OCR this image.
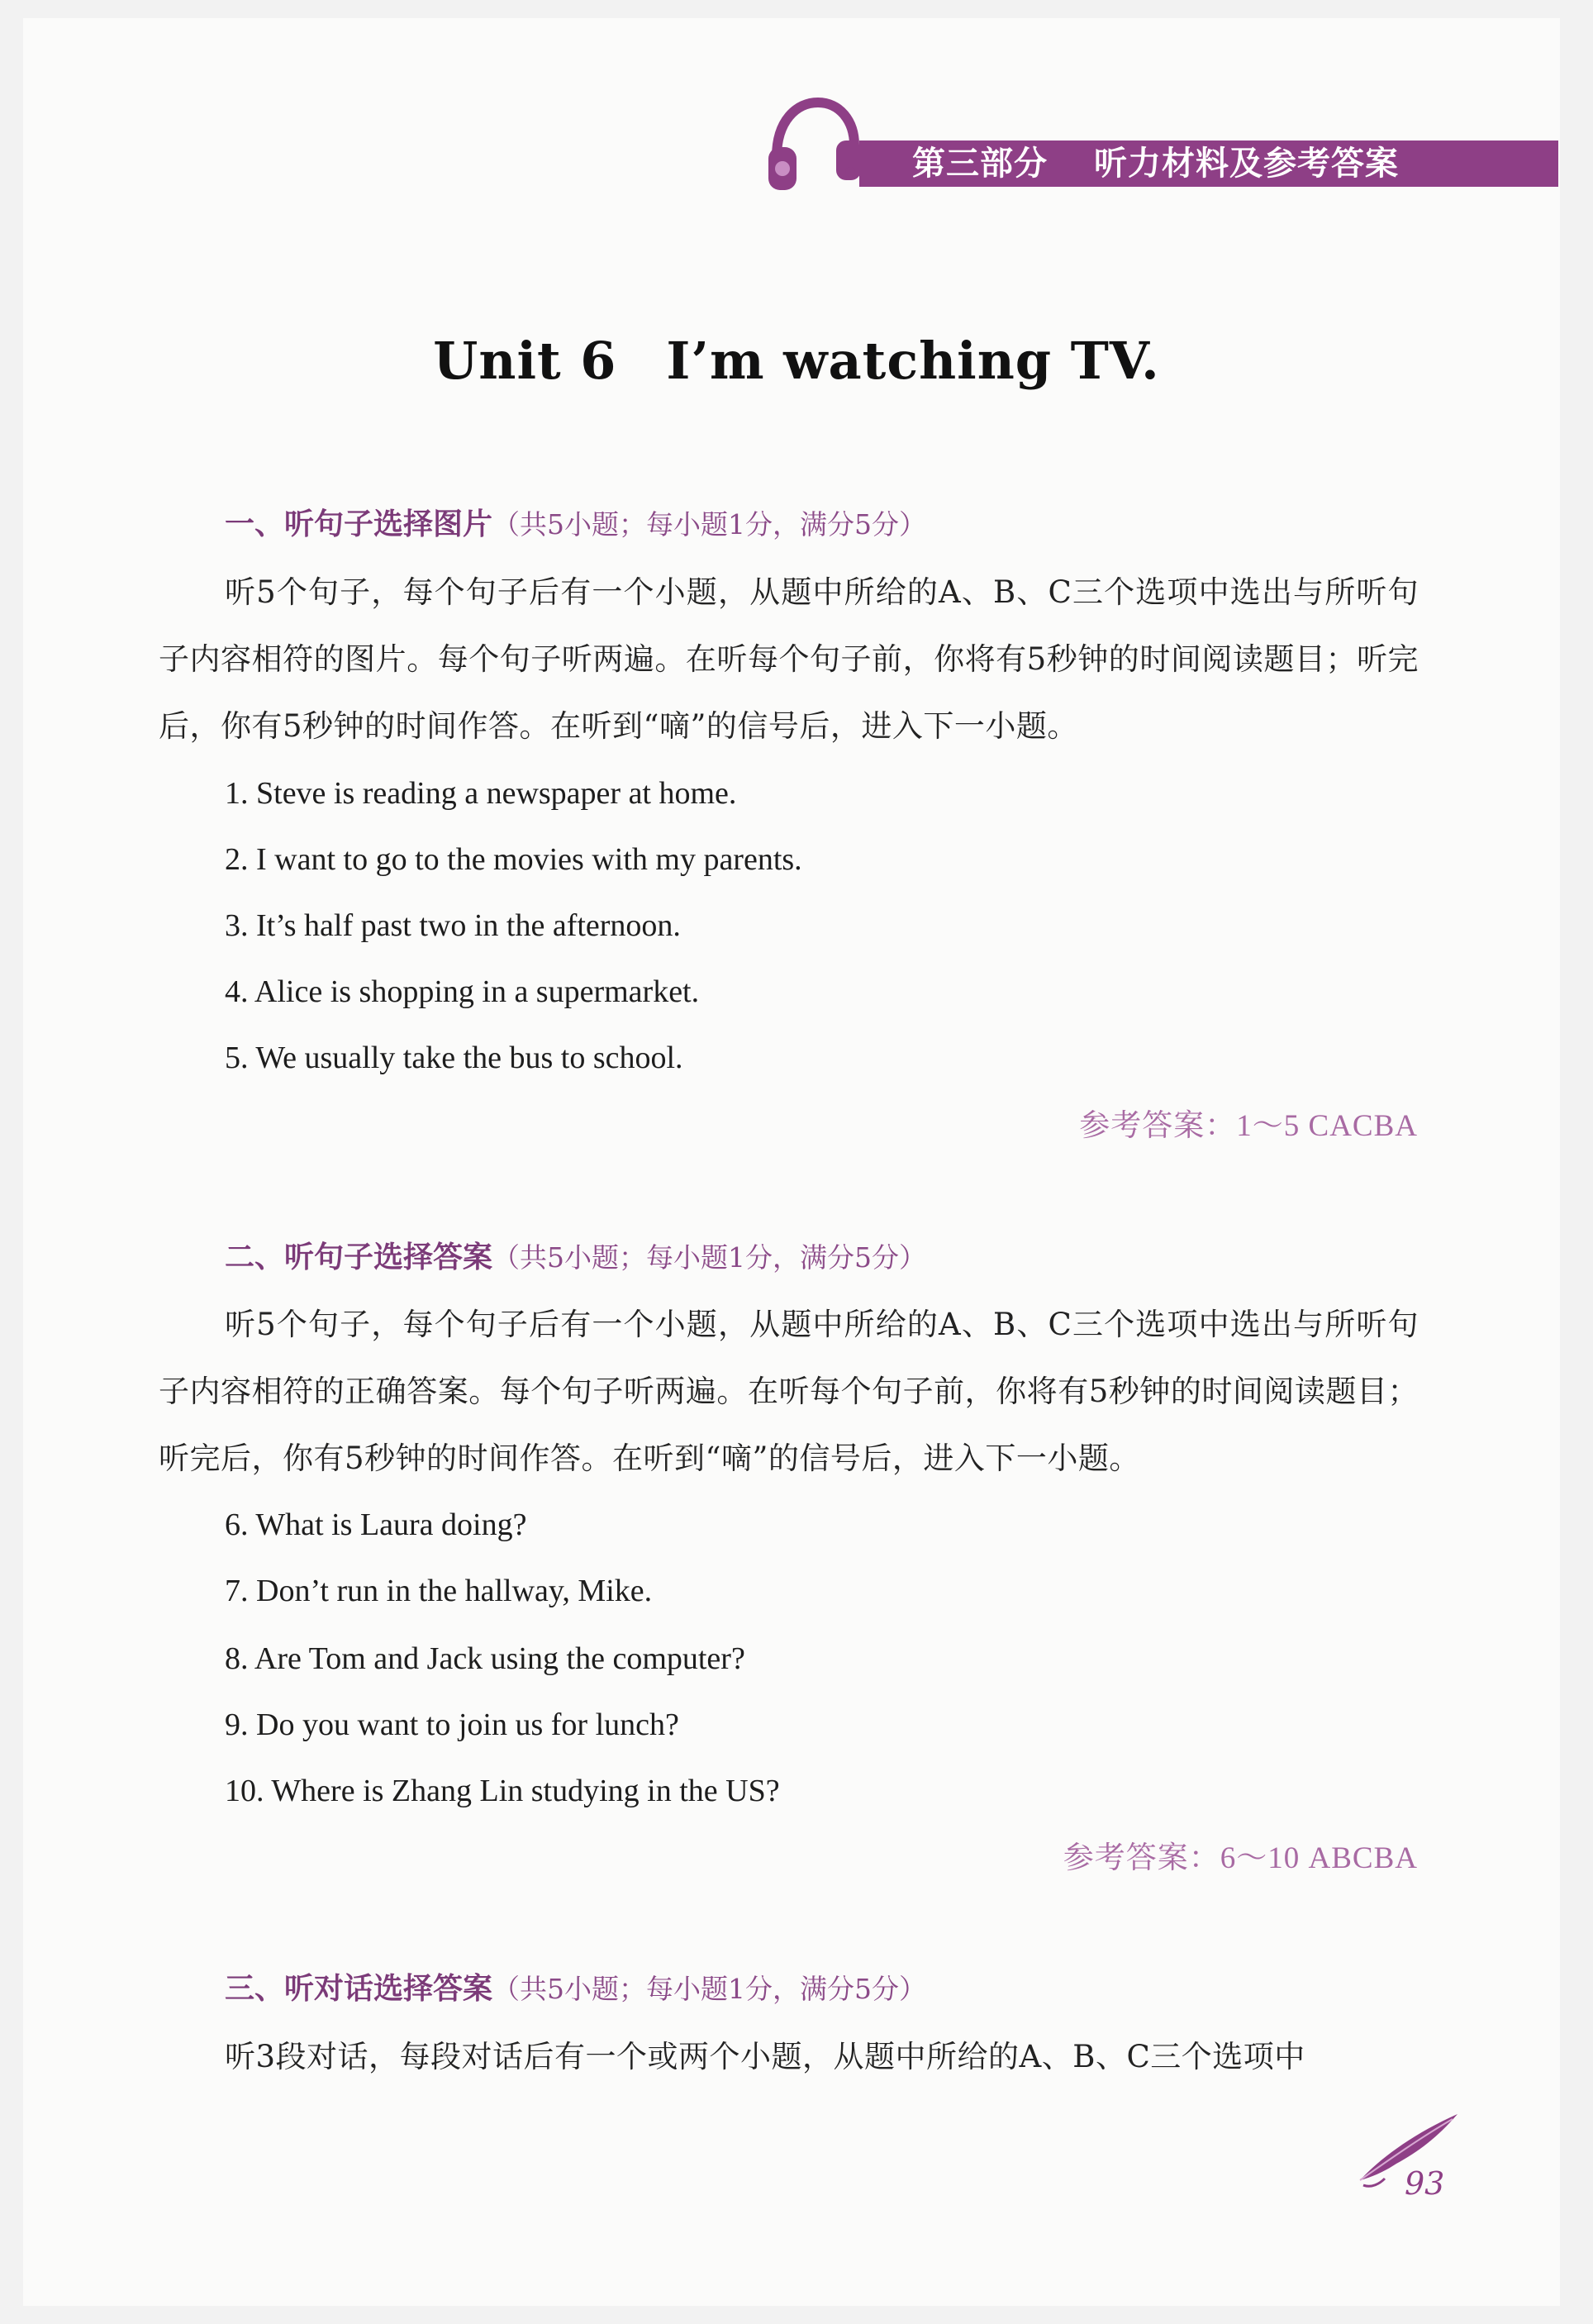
第三部分 听力材料及参考答案
Unit 6 I’m watching TV.
一、听句子选择图片（共5小题；每小题1分，满分5分）
听5个句子，每个句子后有一个小题，从题中所给的A、B、C三个选项中选出与所听句子内容相符的图片。每个句子听两遍。在听每个句子前，你将有5秒钟的时间阅读题目；听完后，你有5秒钟的时间作答。在听到“嘀”的信号后，进入下一小题。
1. Steve is reading a newspaper at home.
2. I want to go to the movies with my parents.
3. It’s half past two in the afternoon.
4. Alice is shopping in a supermarket.
5. We usually take the bus to school.
参考答案：1～5 CACBA
二、听句子选择答案（共5小题；每小题1分，满分5分）
听5个句子，每个句子后有一个小题，从题中所给的A、B、C三个选项中选出与所听句子内容相符的正确答案。每个句子听两遍。在听每个句子前，你将有5秒钟的时间阅读题目；听完后，你有5秒钟的时间作答。在听到“嘀”的信号后，进入下一小题。
6. What is Laura doing?
7. Don’t run in the hallway, Mike.
8. Are Tom and Jack using the computer?
9. Do you want to join us for lunch?
10. Where is Zhang Lin studying in the US?
参考答案：6～10 ABCBA
三、听对话选择答案（共5小题；每小题1分，满分5分）
听3段对话，每段对话后有一个或两个小题，从题中所给的A、B、C三个选项中
93
